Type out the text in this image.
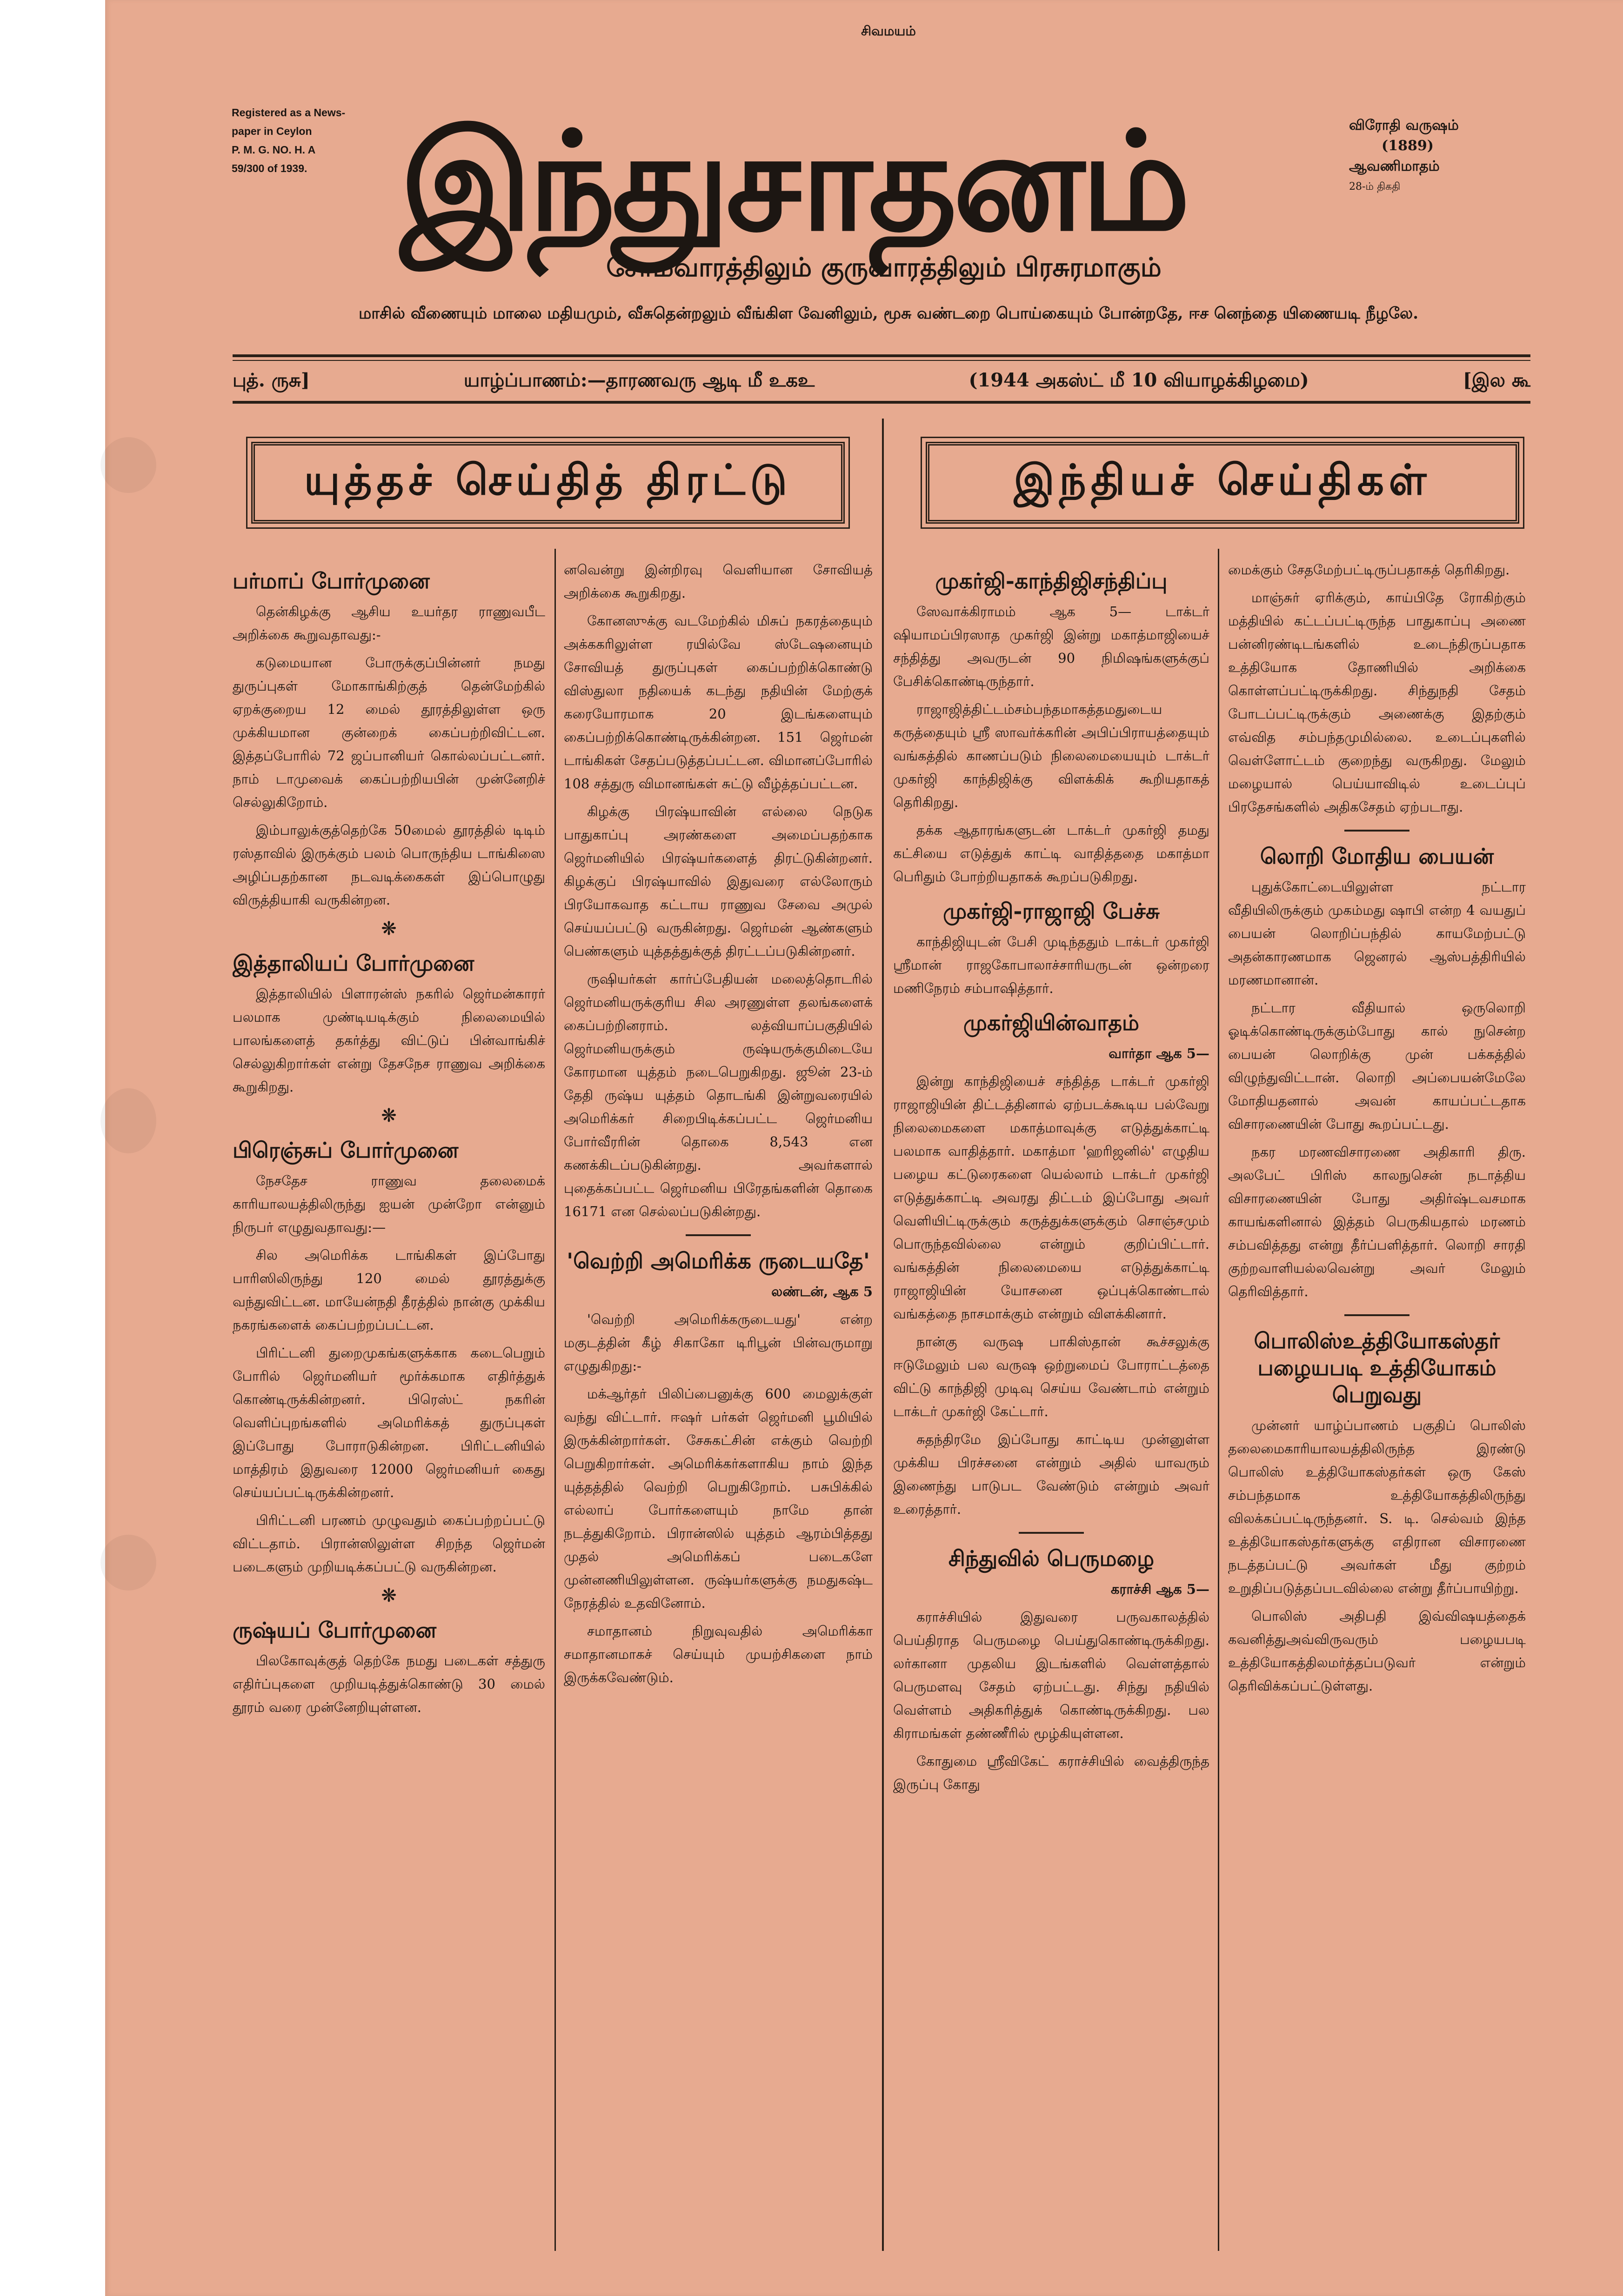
சிவமயம்
Registered as a News-
paper in Ceylon
P. M. G. NO. H. A
59/300 of 1939. இந்துசாதனம்	விரோதி வருஷம்
(1889)
ஆவணிமாதம்
28-ம் திகதி
சோமவாரத்திலும் குருவாரத்திலும் பிரசுரமாகும்
மாசில் வீணையும் மாலை மதியமும், வீசுதென்றலும் வீங்கிள வேனிலும், மூசு வண்டறை பொய்கையும் போன்றதே, ஈச னெந்தை யிணையடி நீழலே.
புத். ருசு]	யாழ்ப்பாணம்:—தாரணவரு ஆடி மீ உகஉ	(1944 அகஸ்ட் மீ 10 வியாழக்கிழமை)	[இல கூ
யுத்தச் செய்தித் திரட்டு	இந்தியச் செய்திகள்
பர்மாப் போர்முனை

தென்கிழக்கு ஆசிய உயர்தர ராணுவபீட அறிக்கை கூறுவதாவது:-

கடுமையான போருக்குப்பின்னர் நமது துருப்புகள் மோகாங்கிற்குத் தென்மேற்கில் ஏறக்குறைய 12 மைல் தூரத்திலுள்ள ஒரு முக்கியமான குன்றைக் கைப்பற்றிவிட்டன. இத்தப்போரில் 72 ஜப்பானியர் கொல்லப்பட்டனர். நாம் டாமுவைக் கைப்பற்றியபின் முன்னேறிச் செல்லுகிறோம்.

இம்பாலுக்குத்தெற்கே 50மைல் தூரத்தில் டிடிம் ரஸ்தாவில் இருக்கும் பலம் பொருந்திய டாங்கிஸை அழிப்பதற்கான நடவடிக்கைகள் இப்பொழுது விருத்தியாகி வருகின்றன.

❋
இத்தாலியப் போர்முனை

இத்தாலியில் பிளாரன்ஸ் நகரில் ஜெர்மன்காரர் பலமாக முண்டியடிக்கும் நிலைமையில் பாலங்களைத் தகர்த்து விட்டுப் பின்வாங்கிச் செல்லுகிறார்கள் என்று தேசநேச ராணுவ அறிக்கை கூறுகிறது.

❋
பிரெஞ்சுப் போர்முனை

நேசதேச ராணுவ தலைமைக் காரியாலயத்திலிருந்து ஐயன் முன்றோ என்னும் நிருபர் எழுதுவதாவது:—

சில அமெரிக்க டாங்கிகள் இப்போது பாரிஸிலிருந்து 120 மைல் தூரத்துக்கு வந்துவிட்டன. மாயேன்நதி தீரத்தில் நான்கு முக்கிய நகரங்களைக் கைப்பற்றப்பட்டன.

பிரிட்டனி துறைமுகங்களுக்காக கடைபெறும் போரில் ஜெர்மனியர் மூர்க்கமாக எதிர்த்துக் கொண்டிருக்கின்றனர். பிரெஸ்ட் நகரின் வெளிப்புறங்களில் அமெரிக்கத் துருப்புகள் இப்போது போராடுகின்றன. பிரிட்டனியில் மாத்திரம் இதுவரை 12000 ஜெர்மனியர் கைது செய்யப்பட்டிருக்கின்றனர்.

பிரிட்டனி பரணம் முழுவதும் கைப்பற்றப்பட்டு விட்டதாம். பிரான்ஸிலுள்ள சிறந்த ஜெர்மன் படைகளும் முறியடிக்கப்பட்டு வருகின்றன.

❋
ருஷ்யப் போர்முனை

பிலகோவுக்குத் தெற்கே நமது படைகள் சத்துரு எதிர்ப்புகளை முறியடித்துக்கொண்டு 30 மைல் தூரம் வரை முன்னேறியுள்ளன.

னவென்று இன்றிரவு வெளியான சோவியத் அறிக்கை கூறுகிறது.

கோனஸுக்கு வடமேற்கில் மிசுப் நகரத்தையும் அக்ககரிலுள்ள ரயில்வே ஸ்டேஷனையும் சோவியத் துருப்புகள் கைப்பற்றிக்கொண்டு விஸ்துலா நதியைக் கடந்து நதியின் மேற்குக் கரையோரமாக 20 இடங்களையும் கைப்பற்றிக்கொண்டிருக்கின்றன. 151 ஜெர்மன் டாங்கிகள் சேதப்படுத்தப்பட்டன. விமானப்போரில் 108 சத்துரு விமானங்கள் சுட்டு வீழ்த்தப்பட்டன.

கிழக்கு பிரஷ்யாவின் எல்லை நெடுக பாதுகாப்பு அரண்களை அமைப்பதற்காக ஜெர்மனியில் பிரஷ்யர்களைத் திரட்டுகின்றனர். கிழக்குப் பிரஷ்யாவில் இதுவரை எல்லோரும் பிரயோகவாத கட்டாய ராணுவ சேவை அமுல் செய்யப்பட்டு வருகின்றது. ஜெர்மன் ஆண்களும் பெண்களும் யுத்தத்துக்குத் திரட்டப்படுகின்றனர்.

ருஷியர்கள் கார்ப்பேதியன் மலைத்தொடரில் ஜெர்மனியருக்குரிய சில அரணுள்ள தலங்களைக் கைப்பற்றினராம். லத்வியாப்பகுதியில் ஜெர்மனியருக்கும் ருஷ்யருக்குமிடையே கோரமான யுத்தம் நடைபெறுகிறது. ஜூன் 23-ம் தேதி ருஷ்ய யுத்தம் தொடங்கி இன்றுவரையில் அமெரிக்கர் சிறைபிடிக்கப்பட்ட ஜெர்மனிய போர்வீரரின் தொகை 8,543 என கணக்கிடப்படுகின்றது. அவர்களால் புதைக்கப்பட்ட ஜெர்மனிய பிரேதங்களின் தொகை 16171 என செல்லப்படுகின்றது.

'வெற்றி அமெரிக்க ருடையதே'

லண்டன், ஆக 5

'வெற்றி அமெரிக்கருடையது' என்ற மகுடத்தின் கீழ் சிகாகோ டிரிபூன் பின்வருமாறு எழுதுகிறது:-

மக்ஆர்தர் பிலிப்பைனுக்கு 600 மைலுக்குள் வந்து விட்டார். ஈஷர் பர்கள் ஜெர்மனி பூமியில் இருக்கின்றார்கள். சேசுகட்சின் எக்கும் வெற்றி பெறுகிறார்கள். அமெரிக்கர்களாகிய நாம் இந்த யுத்தத்தில் வெற்றி பெறுகிறோம். பசுபிக்கில் எல்லாப் போர்களையும் நாமே தான் நடத்துகிறோம். பிரான்ஸில் யுத்தம் ஆரம்பித்தது முதல் அமெரிக்கப் படைகளே முன்னணியிலுள்ளன. ருஷ்யர்களுக்கு நமதுகஷ்ட நேரத்தில் உதவினோம்.

சமாதானம் நிறுவுவதில் அமெரிக்கா சமாதானமாகச் செய்யும் முயற்சிகளை நாம் இருக்கவேண்டும்.

முகர்ஜி-காந்திஜிசந்திப்பு

ஸேவாக்கிராமம் ஆக 5— டாக்டர் ஷியாமப்பிரஸாத முகர்ஜி இன்று மகாத்மாஜியைச் சந்தித்து அவருடன் 90 நிமிஷங்களுக்குப் பேசிக்கொண்டிருந்தார்.

ராஜாஜித்திட்டம்சம்பந்தமாகத்தமதுடைய கருத்தையும் ஸ்ரீ ஸாவர்க்கரின் அபிப்பிராயத்தையும் வங்கத்தில் காணப்படும் நிலைமையையும் டாக்டர் முகர்ஜி காந்திஜிக்கு விளக்கிக் கூறியதாகத் தெரிகிறது.

தக்க ஆதாரங்களுடன் டாக்டர் முகர்ஜி தமது கட்சியை எடுத்துக் காட்டி வாதித்ததை மகாத்மா பெரிதும் போற்றியதாகக் கூறப்படுகிறது.

முகர்ஜி-ராஜாஜி பேச்சு

காந்திஜியுடன் பேசி முடிந்ததும் டாக்டர் முகர்ஜி ஸ்ரீமான் ராஜகோபாலாச்சாரியருடன் ஒன்றரை மணிநேரம் சம்பாஷித்தார்.

முகர்ஜியின்வாதம்

வார்தா ஆக 5—

இன்று காந்திஜியைச் சந்தித்த டாக்டர் முகர்ஜி ராஜாஜியின் திட்டத்தினால் ஏற்படக்கூடிய பல்வேறு நிலைமைகளை மகாத்மாவுக்கு எடுத்துக்காட்டி பலமாக வாதித்தார். மகாத்மா 'ஹரிஜனில்' எழுதிய பழைய கட்டுரைகளை யெல்லாம் டாக்டர் முகர்ஜி எடுத்துக்காட்டி அவரது திட்டம் இப்போது அவர் வெளியிட்டிருக்கும் கருத்துக்களுக்கும் சொஞ்சமும் பொருந்தவில்லை என்றும் குறிப்பிட்டார். வங்கத்தின் நிலைமையை எடுத்துக்காட்டி ராஜாஜியின் யோசனை ஒப்புக்கொண்டால் வங்கத்தை நாசமாக்கும் என்றும் விளக்கினார்.

நான்கு வருஷ பாகிஸ்தான் கூச்சலுக்கு ஈடுமேலும் பல வருஷ ஒற்றுமைப் போராட்டத்தை விட்டு காந்திஜி முடிவு செய்ய வேண்டாம் என்றும் டாக்டர் முகர்ஜி கேட்டார்.

சுதந்திரமே இப்போது காட்டிய முன்னுள்ள முக்கிய பிரச்சனை என்றும் அதில் யாவரும் இணைந்து பாடுபட வேண்டும் என்றும் அவர் உரைத்தார்.

சிந்துவில் பெருமழை

கராச்சி ஆக 5—

கராச்சியில் இதுவரை பருவகாலத்தில் பெய்திராத பெருமழை பெய்துகொண்டிருக்கிறது. லர்கானா முதலிய இடங்களில் வெள்ளத்தால் பெருமளவு சேதம் ஏற்பட்டது. சிந்து நதியில் வெள்ளம் அதிகரித்துக் கொண்டிருக்கிறது. பல கிராமங்கள் தண்ணீரில் மூழ்கியுள்ளன.

கோதுமை ஸ்ரீவிகேட் கராச்சியில் வைத்திருந்த இருப்பு கோது

மைக்கும் சேதமேற்பட்டிருப்பதாகத் தெரிகிறது.

மாஞ்சுர் ஏரிக்கும், காய்பிதே ரோகிற்கும் மத்தியில் கட்டப்பட்டிருந்த பாதுகாப்பு அணை பன்னிரண்டிடங்களில் உடைந்திருப்பதாக உத்தியோக தோணியில் அறிக்கை கொள்ளப்பட்டிருக்கிறது. சிந்துநதி சேதம் போடப்பட்டிருக்கும் அணைக்கு இதற்கும் எவ்வித சம்பந்தமுமில்லை. உடைப்புகளில் வெள்ளோட்டம் குறைந்து வருகிறது. மேலும் மழையால் பெய்யாவிடில் உடைப்புப் பிரதேசங்களில் அதிகசேதம் ஏற்படாது.

லொறி மோதிய பையன்

புதுக்கோட்டையிலுள்ள நட்டார வீதியிலிருக்கும் முகம்மது ஷாபி என்ற 4 வயதுப் பையன் லொறிப்பந்தில் காயமேற்பட்டு அதன்காரணமாக ஜெனரல் ஆஸ்பத்திரியில் மரணமானான்.

நட்டார வீதியால் ஒருலொறி ஓடிக்கொண்டிருக்கும்போது கால் நுசென்ற பையன் லொறிக்கு முன் பக்கத்தில் விழுந்துவிட்டான். லொறி அப்பையன்மேலே மோதியதனால் அவன் காயப்பட்டதாக விசாரணையின் போது கூறப்பட்டது.

நகர மரணவிசாரணை அதிகாரி திரு. அலபேட் பிரிஸ் காலநுசென் நடாத்திய விசாரணையின் போது அதிர்ஷ்டவசமாக காயங்களினால் இத்தம் பெருகியதால் மரணம் சம்பவித்தது என்று தீர்ப்பளித்தார். லொறி சாரதி குற்றவாளியல்லவென்று அவர் மேலும் தெரிவித்தார்.

பொலிஸ்உத்தியோகஸ்தர் பழையபடி உத்தியோகம் பெறுவது

முன்னர் யாழ்ப்பாணம் பகுதிப் பொலிஸ் தலைமைகாரியாலயத்திலிருந்த இரண்டு பொலிஸ் உத்தியோகஸ்தர்கள் ஒரு கேஸ் சம்பந்தமாக உத்தியோகத்திலிருந்து விலக்கப்பட்டிருந்தனர். S. டி. செல்வம் இந்த உத்தியோகஸ்தர்களுக்கு எதிரான விசாரணை நடத்தப்பட்டு அவர்கள் மீது குற்றம் உறுதிப்படுத்தப்படவில்லை என்று தீர்ப்பாயிற்று.

பொலிஸ் அதிபதி இவ்விஷயத்தைக் கவனித்துஅவ்விருவரும் பழையபடி உத்தியோகத்திலமர்த்தப்படுவர் என்றும் தெரிவிக்கப்பட்டுள்ளது.
